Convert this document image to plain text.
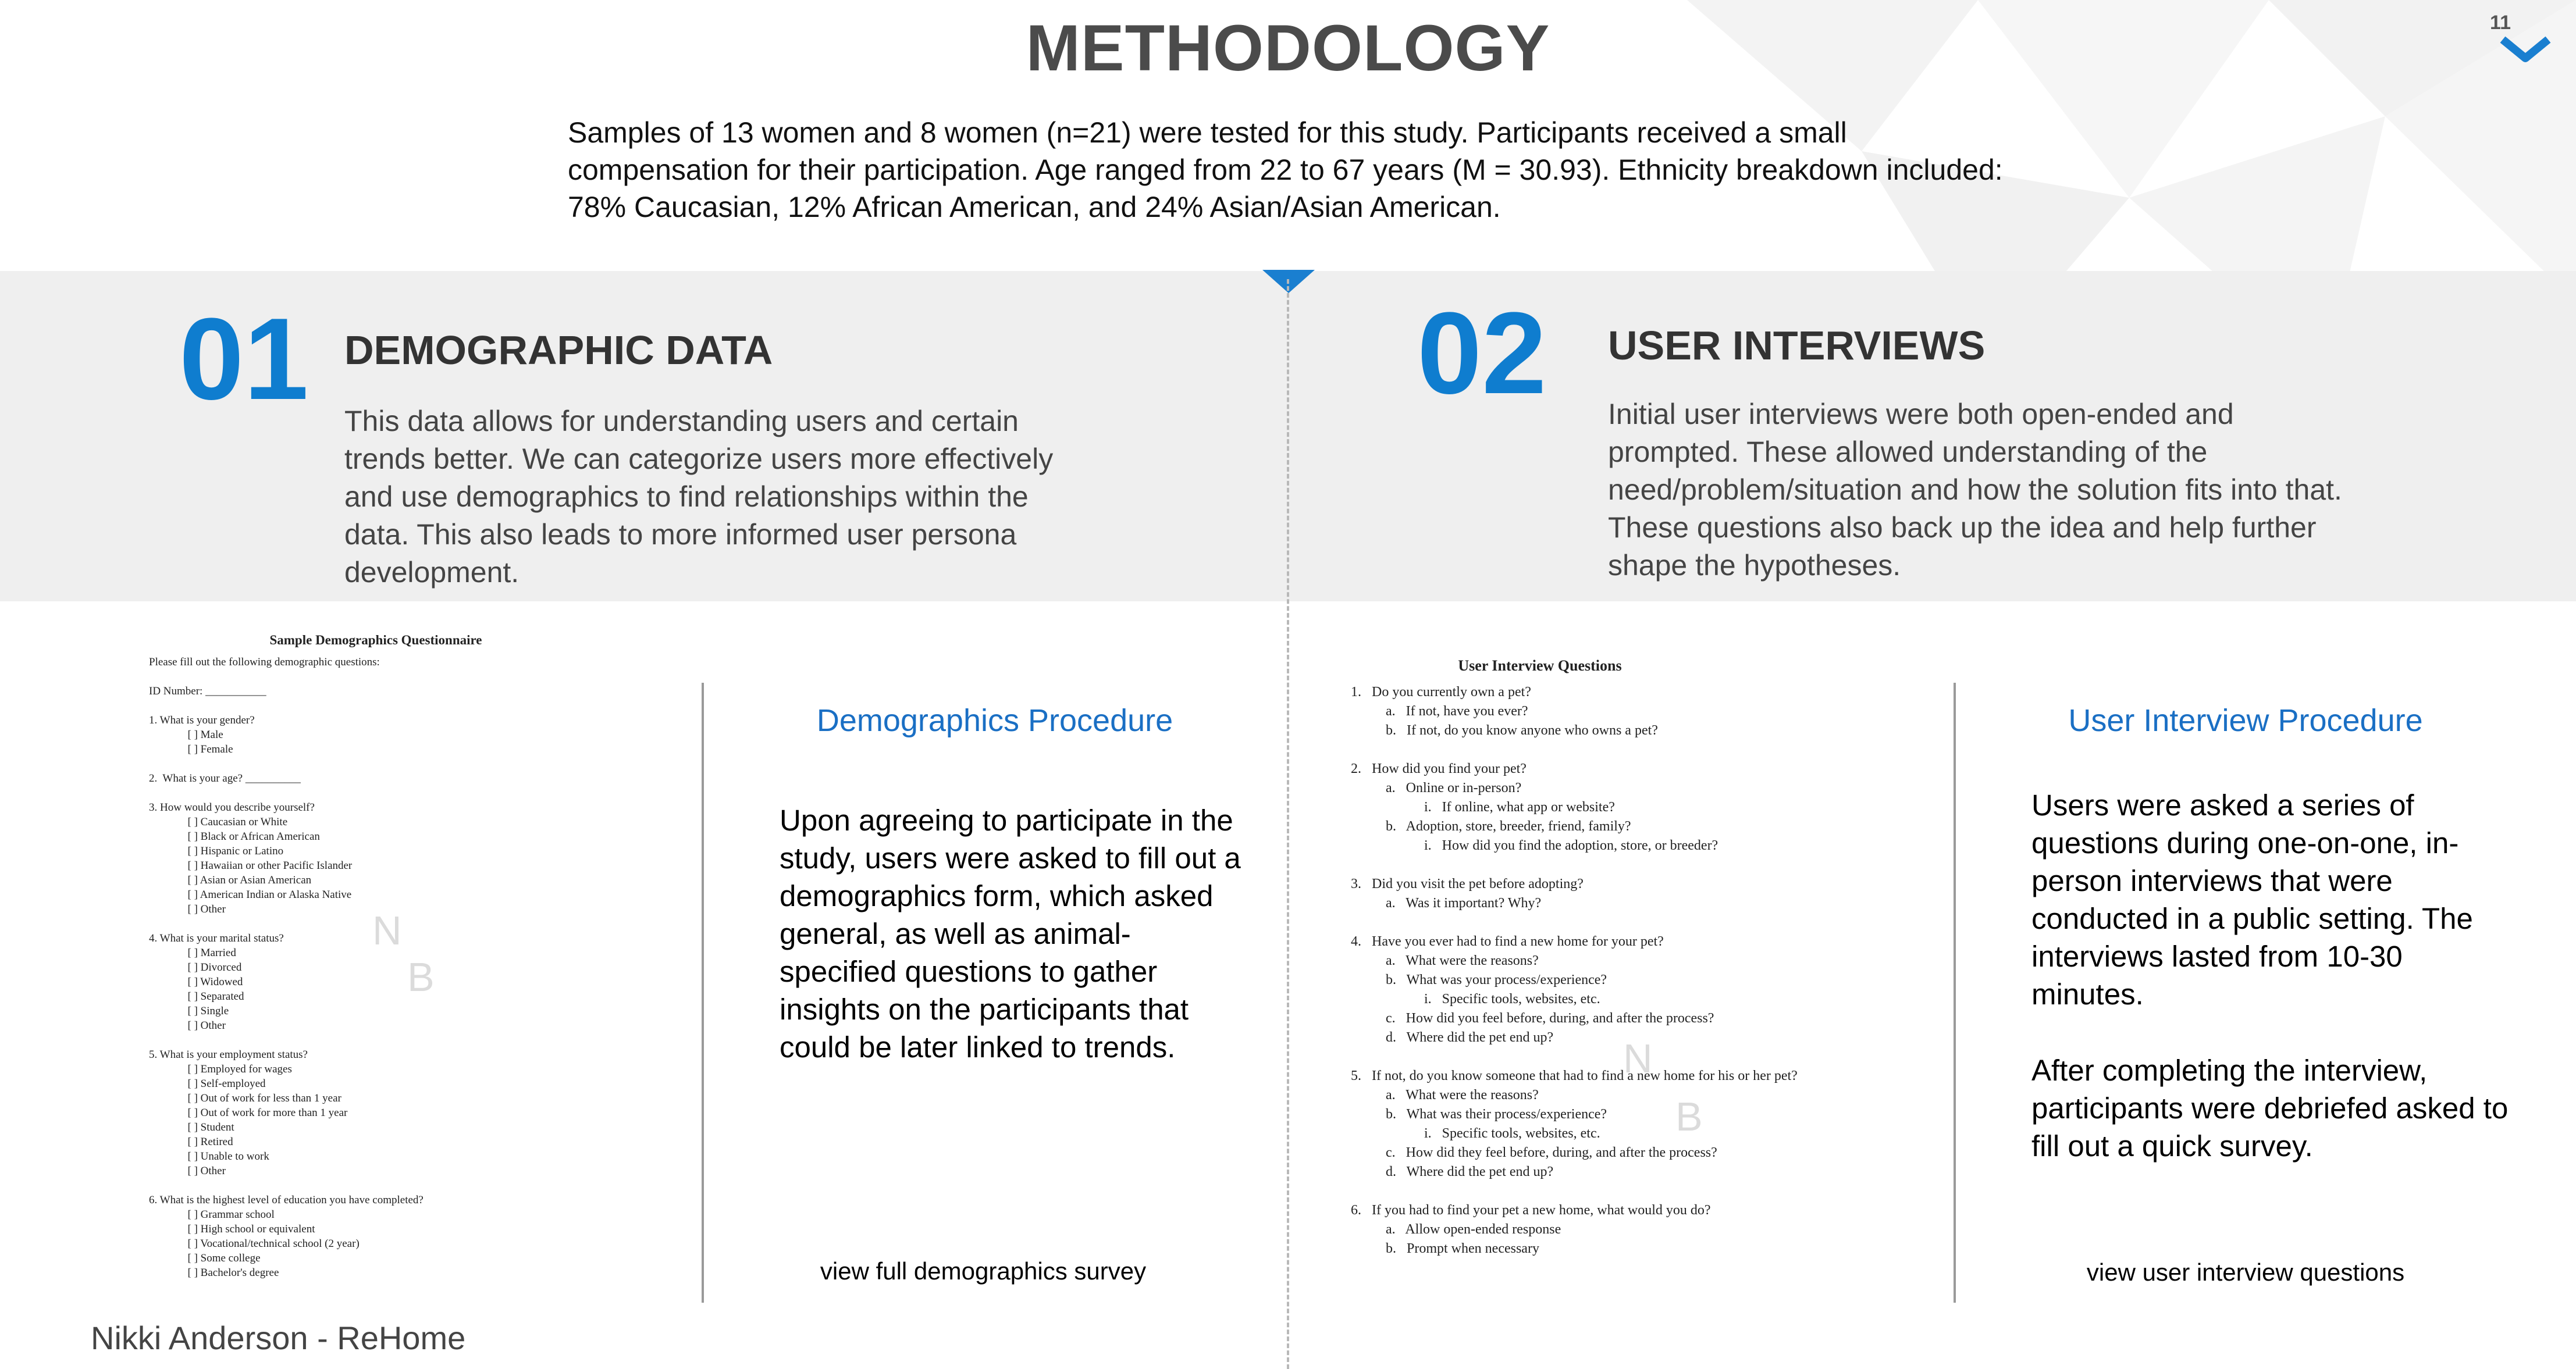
METHODOLOGY	11
Samples of 13 women and 8 women (n=21) were tested for this study. Participants received a small compensation for their participation. Age ranged from 22 to 67 years (M = 30.93). Ethnicity breakdown included: 78% Caucasian, 12% African American, and 24% Asian/Asian American.
01 DEMOGRAPHIC DATA
This data allows for understanding users and certain trends better. We can categorize users more effectively and use demographics to find relationships within the data. This also leads to more informed user persona development.
02 USER INTERVIEWS
Initial user interviews were both open-ended and prompted. These allowed understanding of the need/problem/situation and how the solution fits into that. These questions also back up the idea and help further shape the hypotheses.
Sample Demographics Questionnaire
Please fill out the following demographic questions:

ID Number: ___________

1. What is your gender?
[ ] Male
[ ] Female

2.  What is your age? __________

3. How would you describe yourself?
[ ] Caucasian or White
[ ] Black or African American
[ ] Hispanic or Latino
[ ] Hawaiian or other Pacific Islander
[ ] Asian or Asian American
[ ] American Indian or Alaska Native
[ ] Other

4. What is your marital status?
[ ] Married
[ ] Divorced
[ ] Widowed
[ ] Separated
[ ] Single
[ ] Other

5. What is your employment status?
[ ] Employed for wages
[ ] Self-employed
[ ] Out of work for less than 1 year
[ ] Out of work for more than 1 year
[ ] Student
[ ] Retired
[ ] Unable to work
[ ] Other

6. What is the highest level of education you have completed?
[ ] Grammar school
[ ] High school or equivalent
[ ] Vocational/technical school (2 year)
[ ] Some college
[ ] Bachelor's degree
N
B
Demographics Procedure
Upon agreeing to participate in the study, users were asked to fill out a demographics form, which asked general, as well as animal-specified questions to gather insights on the participants that could be later linked to trends.
view full demographics survey
User Interview Questions
1.   Do you currently own a pet?
a.   If not, have you ever?
b.   If not, do you know anyone who owns a pet?

2.   How did you find your pet?
a.   Online or in-person?
i.   If online, what app or website?
b.   Adoption, store, breeder, friend, family?
i.   How did you find the adoption, store, or breeder?

3.   Did you visit the pet before adopting?
a.   Was it important? Why?

4.   Have you ever had to find a new home for your pet?
a.   What were the reasons?
b.   What was your process/experience?
i.   Specific tools, websites, etc.
c.   How did you feel before, during, and after the process?
d.   Where did the pet end up?

5.   If not, do you know someone that had to find a new home for his or her pet?
a.   What were the reasons?
b.   What was their process/experience?
i.   Specific tools, websites, etc.
c.   How did they feel before, during, and after the process?
d.   Where did the pet end up?

6.   If you had to find your pet a new home, what would you do?
a.   Allow open-ended response
b.   Prompt when necessary
N
B
User Interview Procedure
Users were asked a series of questions during one-on-one, in-person interviews that were conducted in a public setting. The interviews lasted from 10-30 minutes.
After completing the interview, participants were debriefed asked to fill out a quick survey.
view user interview questions
Nikki Anderson - ReHome
